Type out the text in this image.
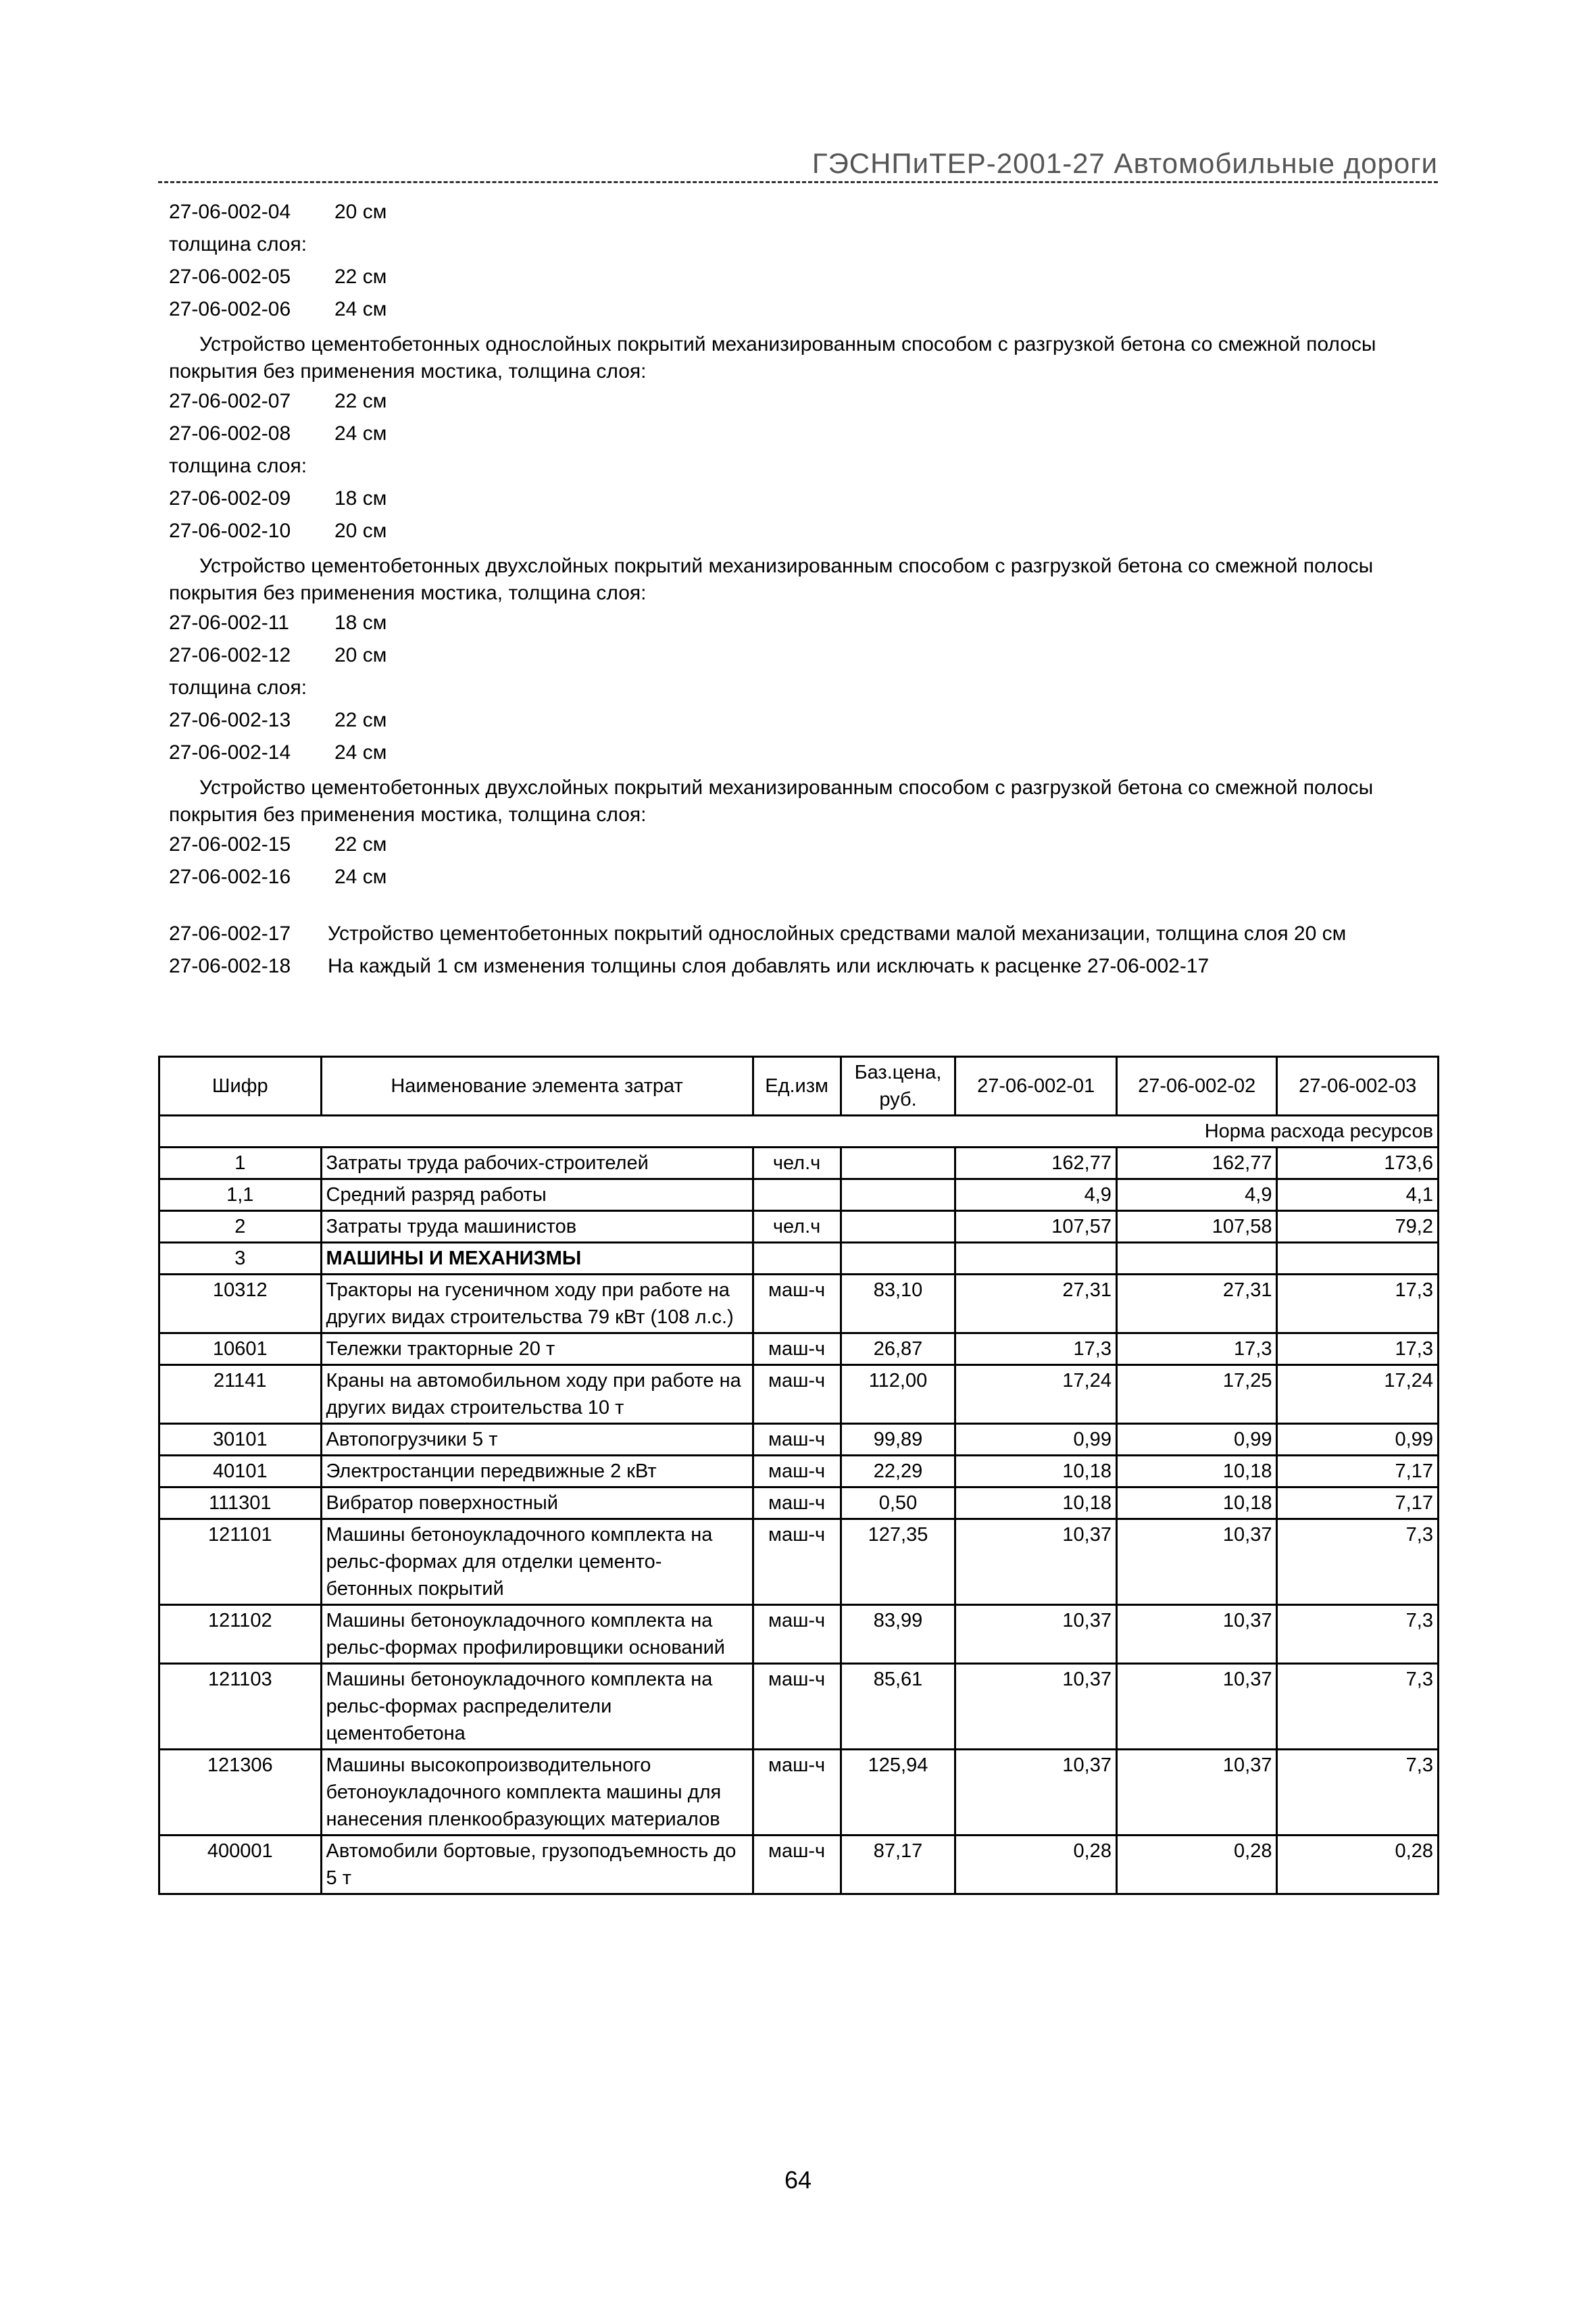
ГЭСНПиТЕР-2001-27 Автомобильные дороги
27-06-002-04	20 см
толщина слоя:
27-06-002-05	22 см
27-06-002-06	24 см
Устройство цементобетонных однослойных покрытий механизированным способом с разгрузкой бетона со смежной полосы покрытия без применения мостика, толщина слоя:
27-06-002-07	22 см
27-06-002-08	24 см
толщина слоя:
27-06-002-09	18 см
27-06-002-10	20 см
Устройство цементобетонных двухслойных покрытий механизированным способом с разгрузкой бетона со смежной полосы покрытия без применения мостика, толщина слоя:
27-06-002-11	18 см
27-06-002-12	20 см
толщина слоя:
27-06-002-13	22 см
27-06-002-14	24 см
Устройство цементобетонных двухслойных покрытий механизированным способом с разгрузкой бетона со смежной полосы покрытия без применения мостика, толщина слоя:
27-06-002-15	22 см
27-06-002-16	24 см
27-06-002-17	Устройство цементобетонных покрытий однослойных средствами малой механизации, толщина слоя 20 см
27-06-002-18	На каждый 1 см изменения толщины слоя добавлять или исключать к расценке 27-06-002-17
Шифр	Наименование элемента затрат	Ед.изм	Баз.цена, руб.	27-06-002-01	27-06-002-02	27-06-002-03
Норма расхода ресурсов						
1	Затраты труда рабочих-строителей	чел.ч		162,77	162,77	173,6
1,1	Средний разряд работы			4,9	4,9	4,1
2	Затраты труда машинистов	чел.ч		107,57	107,58	79,2
3	МАШИНЫ И МЕХАНИЗМЫ					
10312	Тракторы на гусеничном ходу при работе на других видах строительства 79 кВт (108 л.с.)	маш-ч	83,10	27,31	27,31	17,3
10601	Тележки тракторные 20 т	маш-ч	26,87	17,3	17,3	17,3
21141	Краны на автомобильном ходу при работе на других видах строительства 10 т	маш-ч	112,00	17,24	17,25	17,24
30101	Автопогрузчики 5 т	маш-ч	99,89	0,99	0,99	0,99
40101	Электростанции передвижные 2 кВт	маш-ч	22,29	10,18	10,18	7,17
111301	Вибратор поверхностный	маш-ч	0,50	10,18	10,18	7,17
121101	Машины бетоноукладочного комплекта на рельс-формах для отделки цементо-бетонных покрытий	маш-ч	127,35	10,37	10,37	7,3
121102	Машины бетоноукладочного комплекта на рельс-формах профилировщики оснований	маш-ч	83,99	10,37	10,37	7,3
121103	Машины бетоноукладочного комплекта на рельс-формах распределители цементобетона	маш-ч	85,61	10,37	10,37	7,3
121306	Машины высокопроизводительного бетоноукладочного комплекта машины для нанесения пленкообразующих материалов	маш-ч	125,94	10,37	10,37	7,3
400001	Автомобили бортовые, грузоподъемность до 5 т	маш-ч	87,17	0,28	0,28	0,28
64
